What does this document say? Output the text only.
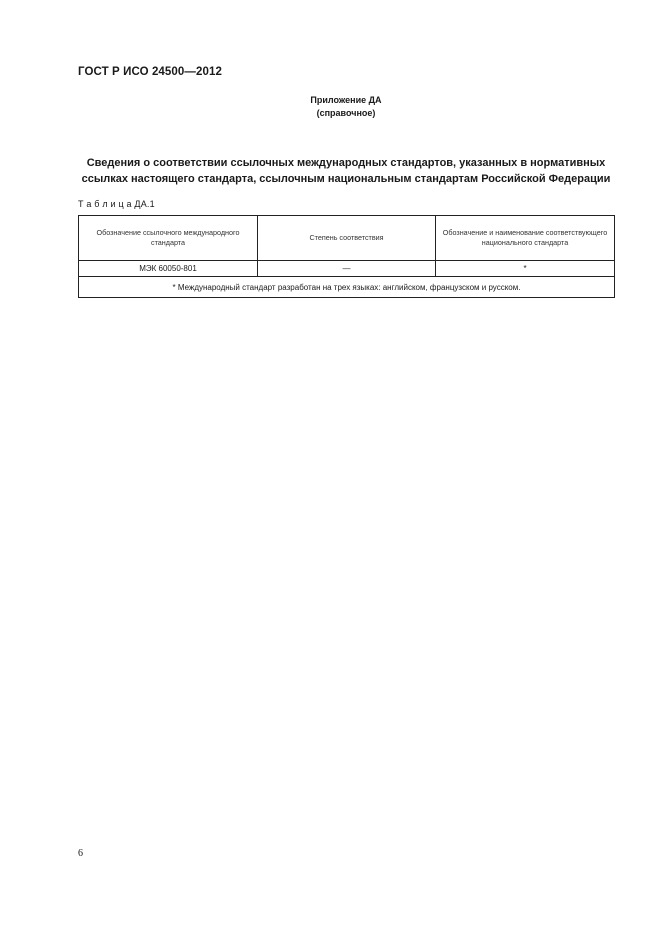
ГОСТ Р ИСО 24500—2012
Приложение ДА
(справочное)
Сведения о соответствии ссылочных международных стандартов, указанных в нормативных
ссылках настоящего стандарта, ссылочным национальным стандартам Российской Федерации
Т а б л и ц а ДА.1
Обозначение ссылочного международного стандарта	Степень соответствия	Обозначение и наименование соответствующего национального стандарта
МЭК 60050-801	—	*
* Международный стандарт разработан на трех языках: английском, французском и русском.		
6
